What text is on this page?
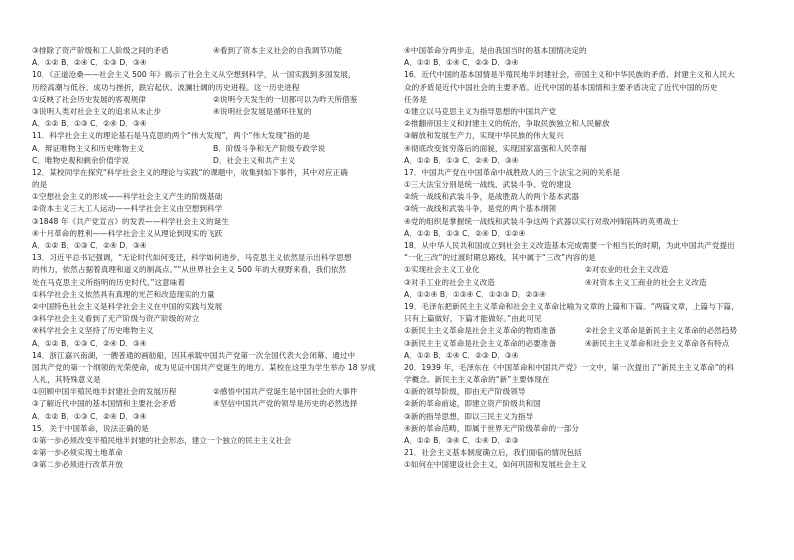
③排除了资产阶级和工人阶级之间的矛盾	④看到了资本主义社会的自我调节功能
A．①② B．②④ C．①③ D．③④
10．《正道沧桑——社会主义 500 年》揭示了社会主义从空想到科学，从一国实践到多国发展，
历经高潮与低谷、成功与挫折，跌宕起伏、波澜壮阔的历史进程。这一历史进程
①反映了社会历史发展的客观规律	②说明今天发生的一切都可以为昨天所借鉴
③说明人类对社会主义的追求从未止步	④说明社会发展是循环往复的
A．①② B．①③ C．②④ D．③④
11．科学社会主义的理论基石是马克思的两个“伟大发现”，两个“伟大发现”指的是
A．辩证唯物主义和历史唯物主义	B．阶级斗争和无产阶级专政学说
C．唯物史观和剩余价值学说	D．社会主义和共产主义
12．某校同学在探究“科学社会主义的理论与实践”的课题中，收集到如下事件，其中对应正确
的是
①空想社会主义的形成——科学社会主义产生的阶级基础
②资本主义三大工人运动——科学社会主义由空想到科学
③1848 年《共产党宣言》的发表——科学社会主义的诞生
④十月革命的胜利——科学社会主义从理论到现实的飞跃
A．①② B．①③ C．②④ D．③④
13．习近平总书记强调，“无论时代如何变迁，科学如何进步，马克思主义依然显示出科学思想
的伟力，依然占据着真理和道义的制高点。”“从世界社会主义 500 年的大视野来看，我们依然
处在马克思主义所指明的历史时代。”这意味着
①科学社会主义依然具有真理的光芒和改造现实的力量
②中国特色社会主义是科学社会主义在中国的实践与发展
③科学社会主义看到了无产阶级与资产阶级的对立
④科学社会主义坚持了历史唯物主义
A．①② B．①③ C．②④ D．③④
14．浙江嘉兴南湖，一艘普通的画舫船，因其承载中国共产党第一次全国代表大会闭幕、通过中
国共产党的第一个纲领的光荣使命，成为见证中国共产党诞生的地方。某校在这里为学生举办 18 岁成
人礼，其特殊意义是
①回顾中国半殖民地半封建社会的发展历程	②感悟中国共产党诞生是中国社会的大事件
③了解近代中国的基本国情和主要社会矛盾	④坚信中国共产党的领导是历史的必然选择
A．①② B．①③ C．②④ D．③④
15．关于中国革命，说法正确的是
①第一步必须改变半殖民地半封建的社会形态，建立一个独立的民主主义社会
②第一步必须实现土地革命
③第二步必须进行改革开放
④中国革命分两步走，是由我国当时的基本国情决定的
A．①② B．①④ C．②③ D．③④
16．近代中国的基本国情是半殖民地半封建社会，帝国主义和中华民族的矛盾、封建主义和人民大
众的矛盾是近代中国社会的主要矛盾。近代中国的基本国情和主要矛盾决定了近代中国的历史
任务是
①建立以马克思主义为指导思想的中国共产党
②推翻帝国主义和封建主义的统治，争取民族独立和人民解放
③解放和发展生产力，实现中华民族的伟大复兴
④彻底改变贫穷落后的面貌，实现国家富强和人民幸福
A．①② B．①③ C．②④ D．③④
17．中国共产党在中国革命中战胜敌人的三个法宝之间的关系是
①三大法宝分别是统一战线、武装斗争、党的建设
②统一战线和武装斗争，是战胜敌人的两个基本武器
③统一战线和武装斗争，是党的两个基本纲领
④党的组织是掌握统一战线和武装斗争这两个武器以实行对敌冲锋陷阵的英勇战士
A．①② B．①③ C．②④ D．①②④
18．从中华人民共和国成立到社会主义改造基本完成需要一个相当长的时期，为此中国共产党提出
“一化三改”的过渡时期总路线，其中属于“三改”内容的是
①实现社会主义工业化	②对农业的社会主义改造
③对手工业的社会主义改造	④对资本主义工商业的社会主义改造
A．①②④ B．①③④ C．①②③ D．②③④
19．毛泽东把新民主主义革命和社会主义革命比喻为文章的上篇和下篇。“两篇文章，上篇与下篇，
只有上篇做好，下篇才能做好。”由此可见
①新民主主义革命是社会主义革命的物质准备	②社会主义革命是新民主主义革命的必然趋势
③新民主主义革命是社会主义革命的必要准备	④新民主主义革命和社会主义革命各有特点
A．①② B．①④ C．②③ D．③④
20．1939 年，毛泽东在《中国革命和中国共产党》一文中，第一次提出了“新民主主义革命”的科
学概念。新民主主义革命的“新”主要体现在
①新的领导阶级，即由无产阶级领导
②新的革命前途，即建立资产阶级共和国
③新的指导思想，即以三民主义为指导
④新的革命范畴，即属于世界无产阶级革命的一部分
A．①② B．③④ C．①④ D．②③
21．社会主义基本制度确立后，我们面临的情况包括
①如何在中国建设社会主义，如何巩固和发展社会主义
